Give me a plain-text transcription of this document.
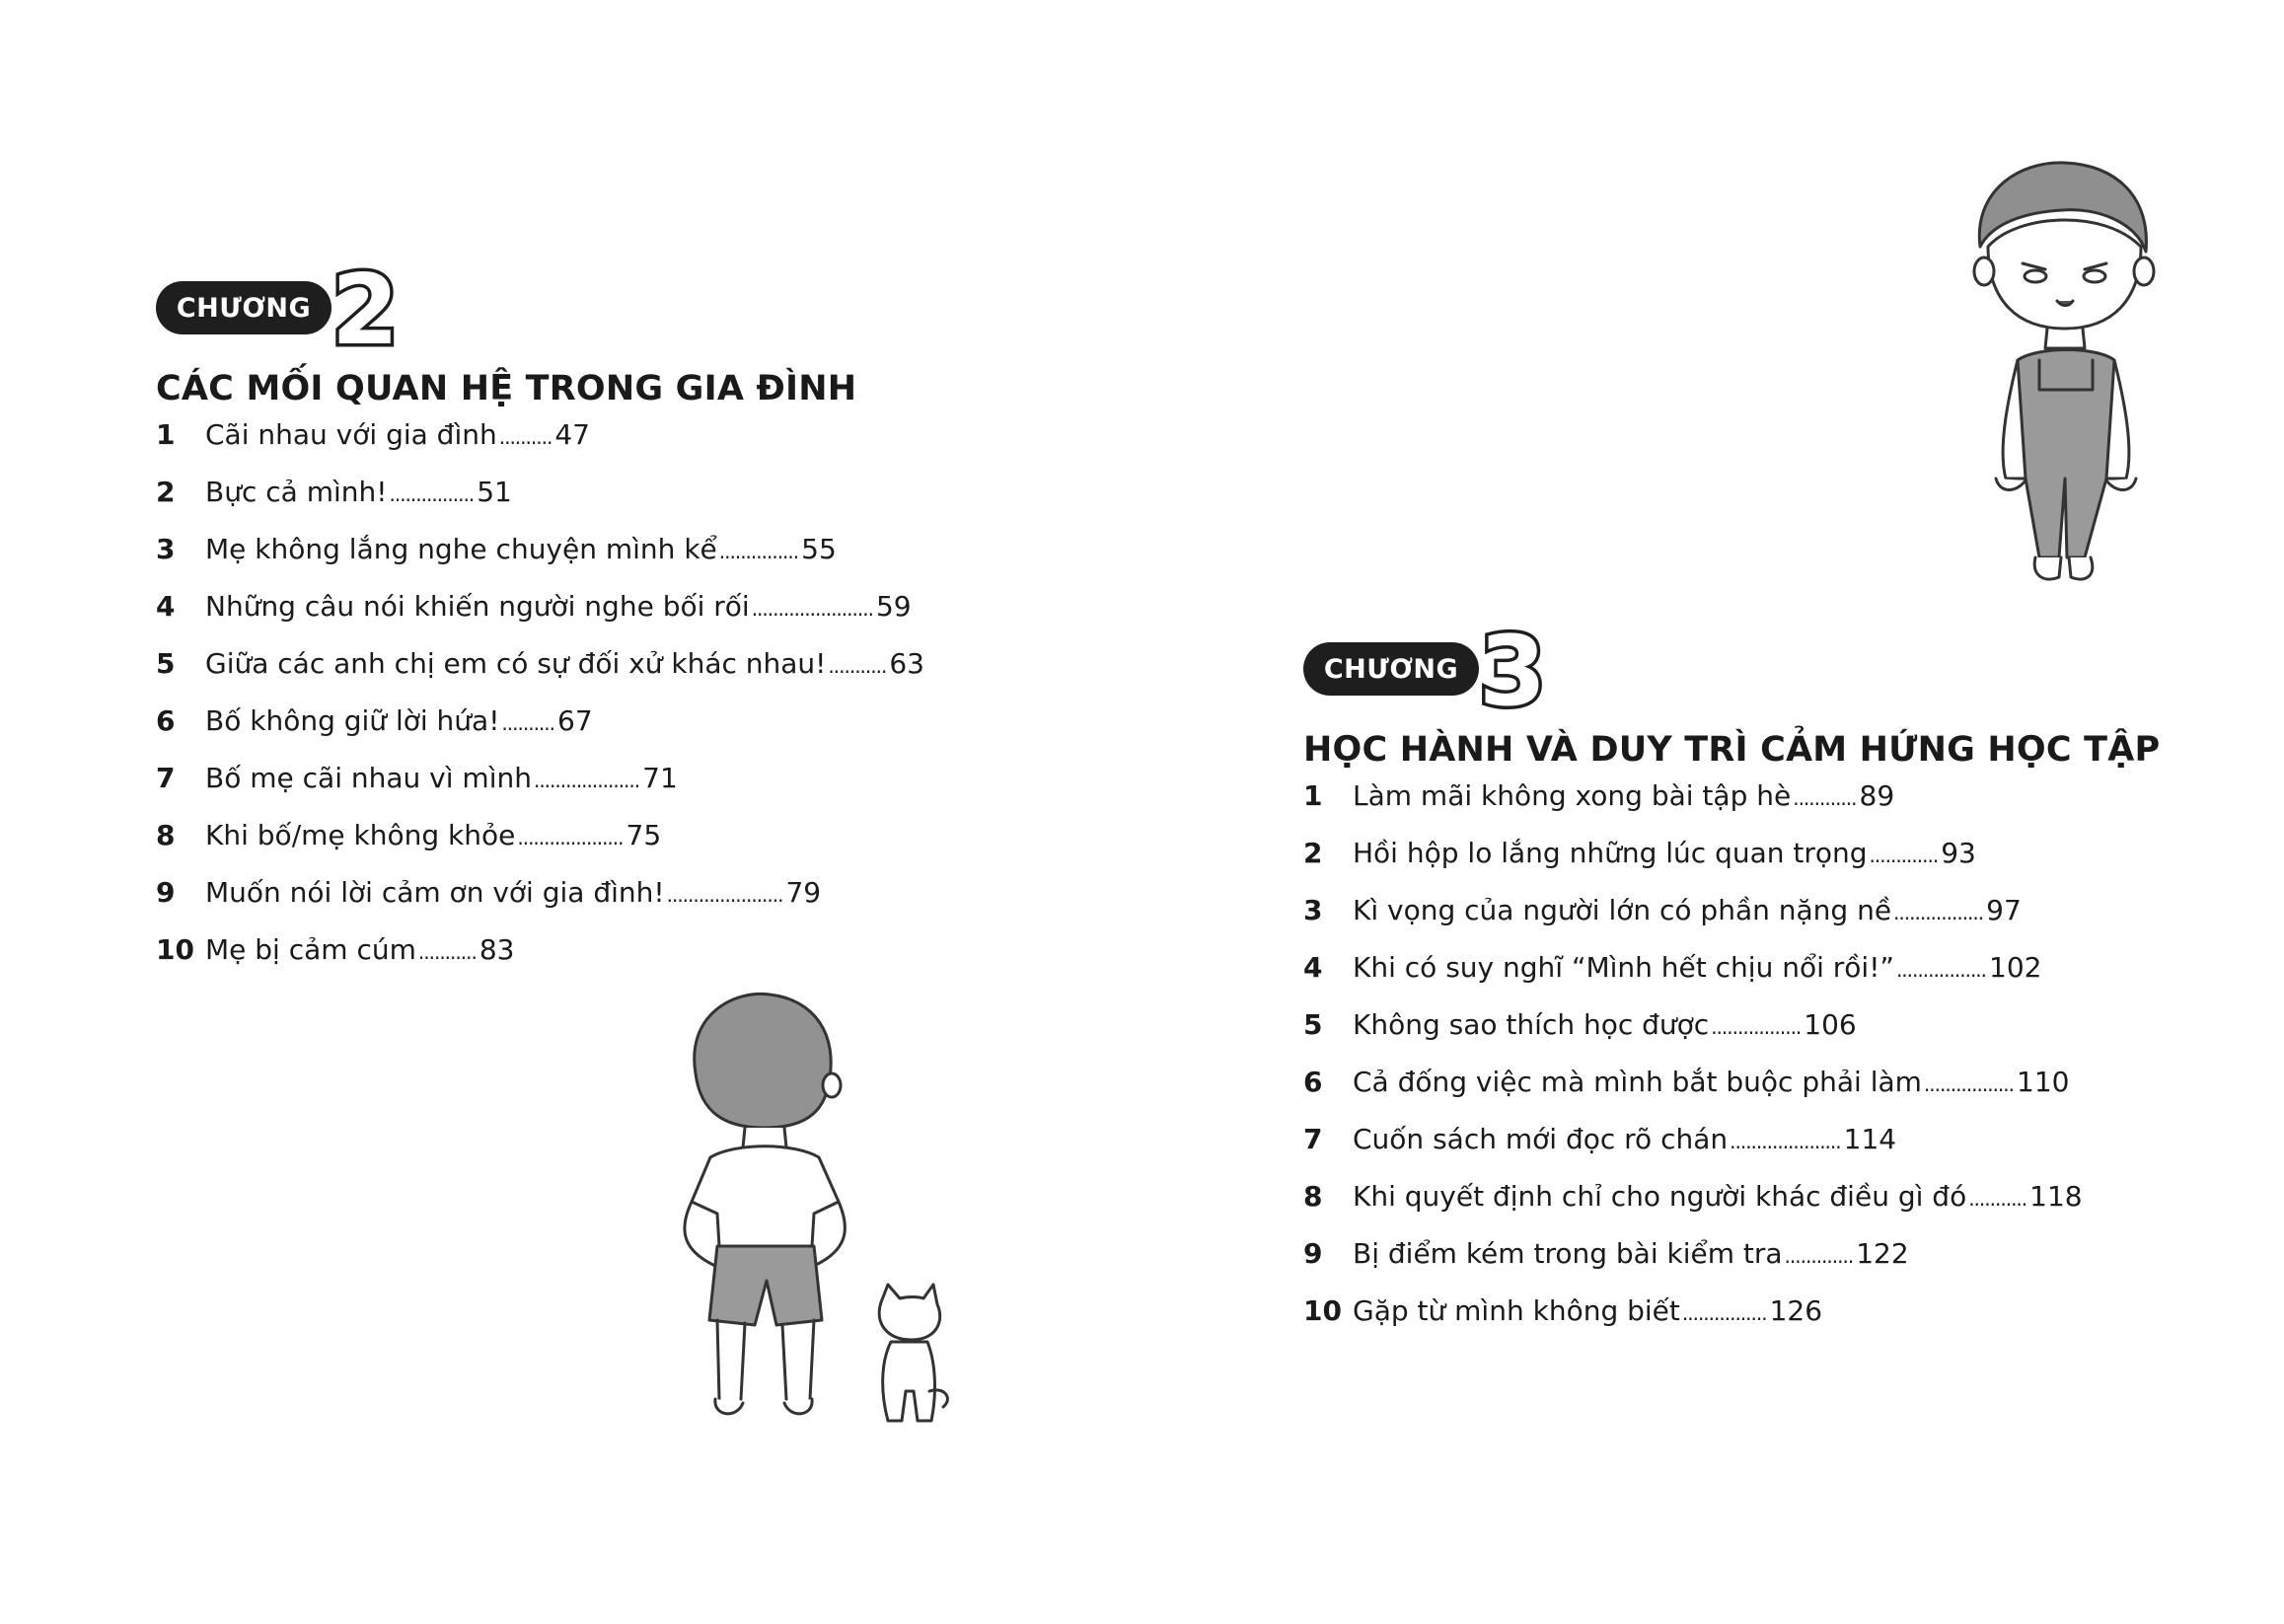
CHƯƠNG 2
CÁC MỐI QUAN HỆ TRONG GIA ĐÌNH
1	Cãi nhau với gia đình .......... 47
2	Bực cả mình! ................ 51
3	Mẹ không lắng nghe chuyện mình kể ............... 55
4	Những câu nói khiến người nghe bối rối ....................... 59
5	Giữa các anh chị em có sự đối xử khác nhau! ........... 63
6	Bố không giữ lời hứa! .......... 67
7	Bố mẹ cãi nhau vì mình .................... 71
8	Khi bố/mẹ không khỏe .................... 75
9	Muốn nói lời cảm ơn với gia đình! ...................... 79
10 Mẹ bị cảm cúm ........... 83
CHƯƠNG 3
HỌC HÀNH VÀ DUY TRÌ CẢM HỨNG HỌC TẬP
1	Làm mãi không xong bài tập hè ............ 89
2	Hồi hộp lo lắng những lúc quan trọng ............. 93
3	Kì vọng của người lớn có phần nặng nề ................. 97
4	Khi có suy nghĩ “Mình hết chịu nổi rồi!” ................. 102
5	Không sao thích học được ................. 106
6	Cả đống việc mà mình bắt buộc phải làm ................. 110
7	Cuốn sách mới đọc rõ chán ..................... 114
8	Khi quyết định chỉ cho người khác điều gì đó ........... 118
9	Bị điểm kém trong bài kiểm tra ............. 122
10 Gặp từ mình không biết ................ 126
